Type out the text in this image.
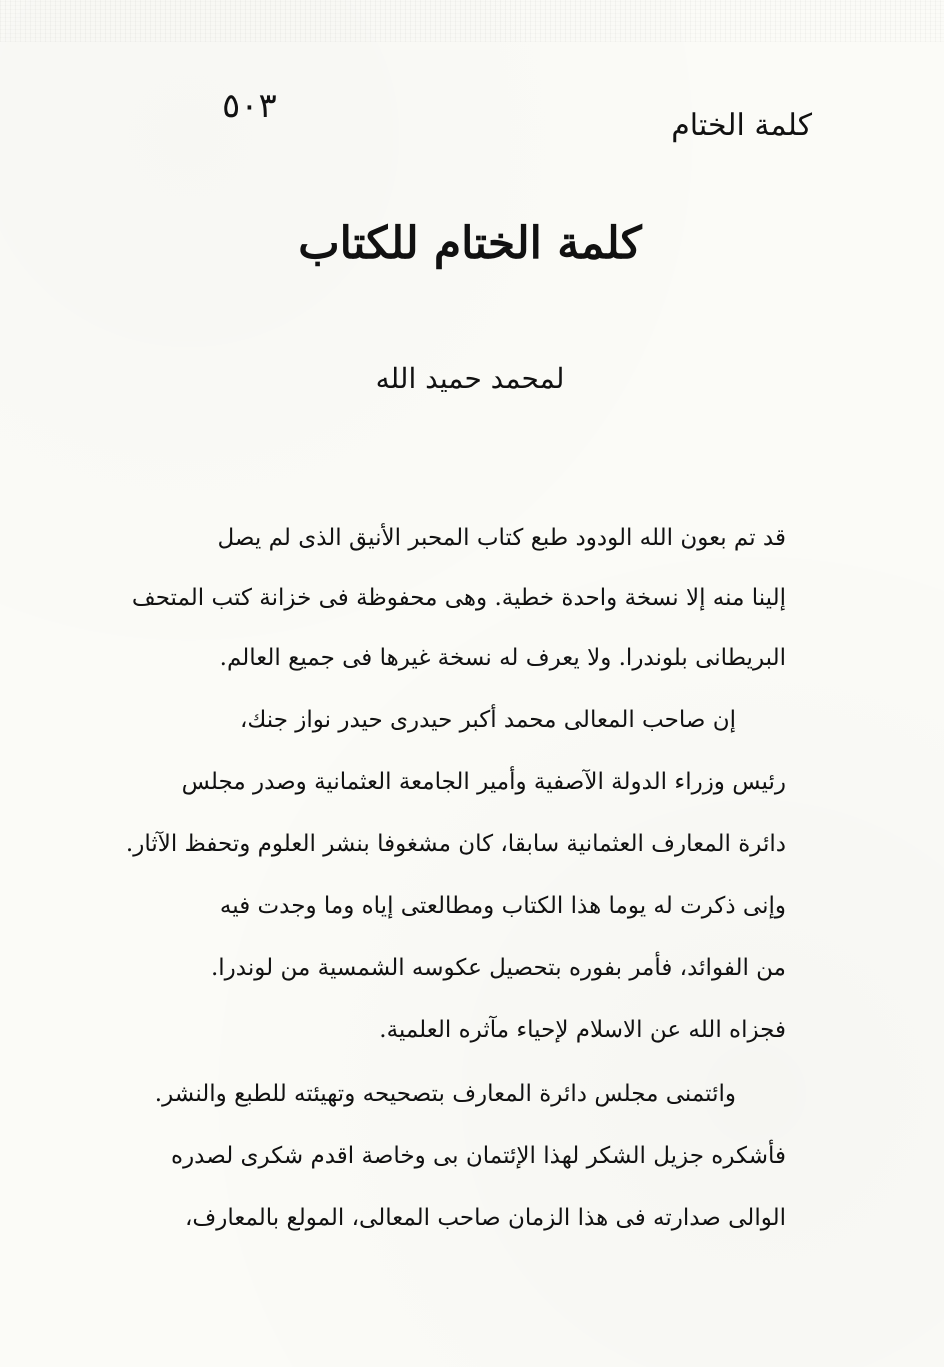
٥٠٣	كلمة الختام
كلمة الختام للكتاب
لمحمد حميد الله
قد تم بعون الله الودود طبع كتاب المحبر الأنيق الذى لم يصل
إلينا منه إلا نسخة واحدة خطية. وهى محفوظة فى خزانة كتب المتحف
البريطانى بلوندرا. ولا يعرف له نسخة غيرها فى جميع العالم.
إن صاحب المعالى محمد أكبر حيدرى حيدر نواز جنك،
رئيس وزراء الدولة الآصفية وأمير الجامعة العثمانية وصدر مجلس
دائرة المعارف العثمانية سابقا، كان مشغوفا بنشر العلوم وتحفظ الآثار.
وإنى ذكرت له يوما هذا الكتاب ومطالعتى إياه وما وجدت فيه
من الفوائد، فأمر بفوره بتحصيل عكوسه الشمسية من لوندرا.
فجزاه الله عن الاسلام لإحياء مآثره العلمية.
وائتمنى مجلس دائرة المعارف بتصحيحه وتهيئته للطبع والنشر.
فأشكره جزيل الشكر لهذا الإئتمان بى وخاصة اقدم شكرى لصدره
الوالى صدارته فى هذا الزمان صاحب المعالى، المولع بالمعارف،
